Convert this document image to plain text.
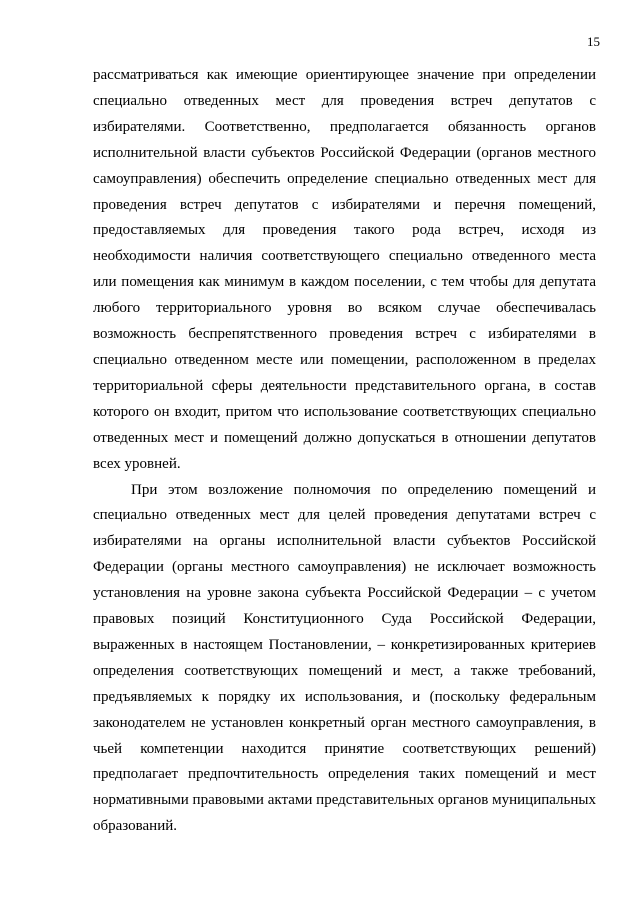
15

рассматриваться как имеющие ориентирующее значение при определении специально отведенных мест для проведения встреч депутатов с избирателями. Соответственно, предполагается обязанность органов исполнительной власти субъектов Российской Федерации (органов местного самоуправления) обеспечить определение специально отведенных мест для проведения встреч депутатов с избирателями и перечня помещений, предоставляемых для проведения такого рода встреч, исходя из необходимости наличия соответствующего специально отведенного места или помещения как минимум в каждом поселении, с тем чтобы для депутата любого территориального уровня во всяком случае обеспечивалась возможность беспрепятственного проведения встреч с избирателями в специально отведенном месте или помещении, расположенном в пределах территориальной сферы деятельности представительного органа, в состав которого он входит, притом что использование соответствующих специально отведенных мест и помещений должно допускаться в отношении депутатов всех уровней.

При этом возложение полномочия по определению помещений и специально отведенных мест для целей проведения депутатами встреч с избирателями на органы исполнительной власти субъектов Российской Федерации (органы местного самоуправления) не исключает возможность установления на уровне закона субъекта Российской Федерации – с учетом правовых позиций Конституционного Суда Российской Федерации, выраженных в настоящем Постановлении, – конкретизированных критериев определения соответствующих помещений и мест, а также требований, предъявляемых к порядку их использования, и (поскольку федеральным законодателем не установлен конкретный орган местного самоуправления, в чьей компетенции находится принятие соответствующих решений) предполагает предпочтительность определения таких помещений и мест нормативными правовыми актами представительных органов муниципальных образований.
